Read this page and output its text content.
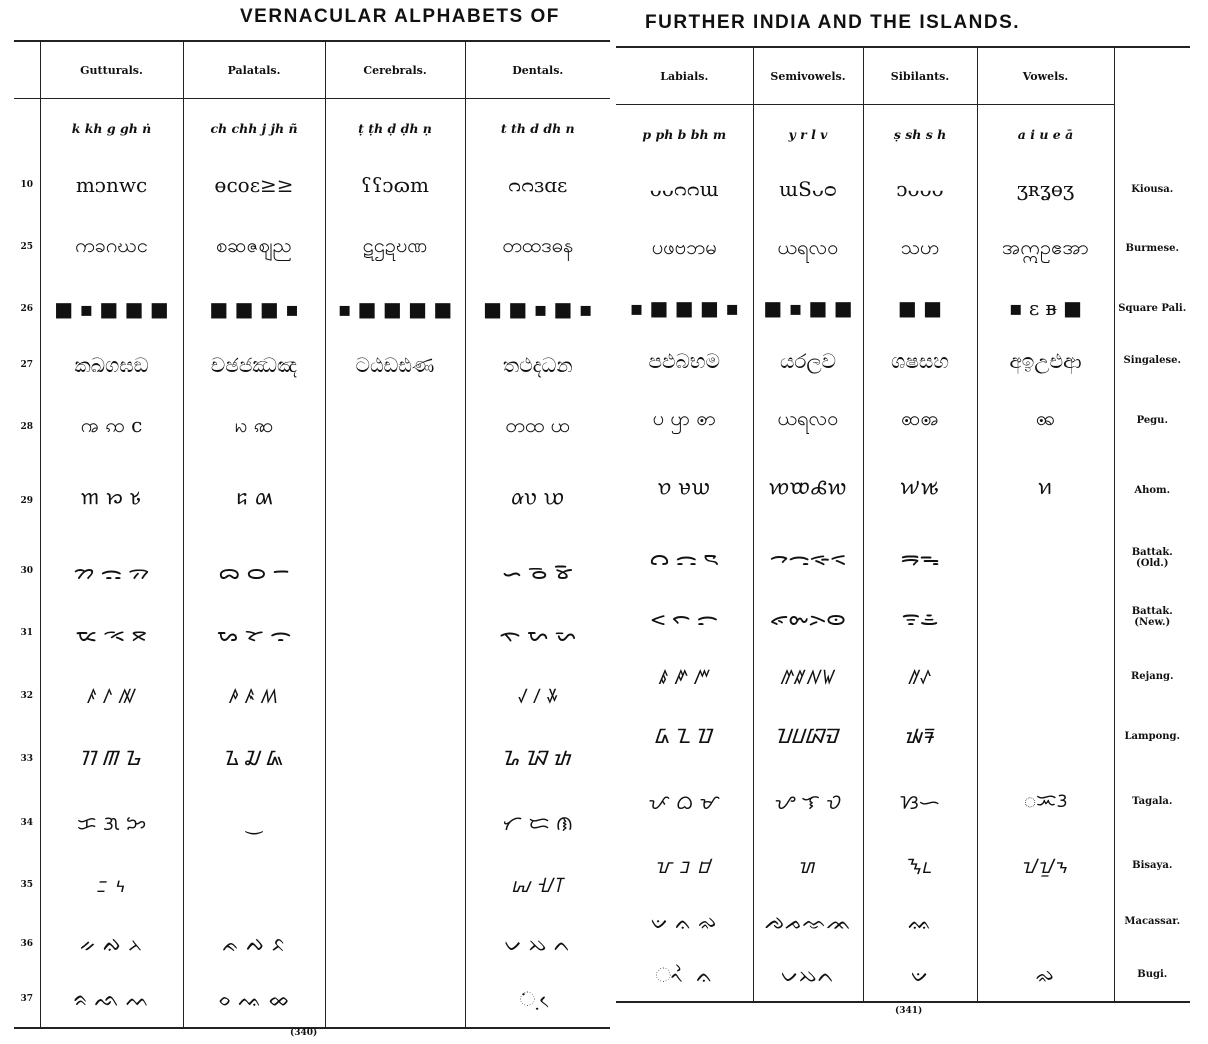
VERNACULAR ALPHABETS OF	FURTHER INDIA AND THE ISLANDS.
	Gutturals.	Palatals.	Cerebrals.	Dentals.
	k kh g gh ṅ	ch chh j jh ñ	ṭ ṭh ḍ ḍh ṇ	t th d dh n
10	mᴐnᴡϲ	ɵᴄᴏɛ≥≥	ʕʕᴐɷm	ᴒᴒɜɑɛ
25	ကခဂဃင	စဆဇဈည	ဋဌဍဎဏ	တထဒဓန
26	■ ▪ ■ ■ ■	■ ■ ■ ▪	▪ ■ ■ ■ ■	■ ■ ▪ ■ ▪
27	කඛගඝඞ	චඡජඣඤ	ටඨඩඪණ	තථදධන
28	ꩠ ꩡ c	ꩢ ꩣ		တထ ꩤ
29	𑜀 𑜁 𑜂	𑜃 𑜄		𑜅𑜆 𑜇
30	ᯂ ᯃ ᯄ	ᯅ ᯆ ᯇ		ᯈ ᯉ ᯊ
31	ᯔ ᯕ ᯖ	ᯗ ᯘ ᯙ		ᯚ ᯛ ᯜ
32	ꤰ ꤱ ꤲ	ꤳ ꤴ ꤵ		ꤶ ꤷ ꤸ
33	ᮊ ᮋ ᮌ	ᮍ ᮎ ᮏ		ᮐ ᮑ ᮒ
34	ᜃ ᜄ ᜅ	‿		ᜆ ᜇ ᜈ
35	ᝃ ᝄ			ᝆ ᝇᝈ
36	ᨀ ᨁ ᨂ	ᨃ ᨄ ᨅ		ᨆ ᨇ ᨈ
37	ᨑ ᨒ ᨓ	ᨔ ᨕ ᨖ		ᨗ ᨘ ᨙ
Labials.	Semivowels.	Sibilants.	Vowels.	
p ph b bh m	y r l v	ṣ sh s h	a i u e ā	
ᴗᴗᴒᴒɯ	ɯSᴗᴑ	ᴐᴗᴗᴗ	ʒʀʓɵʒ	Kiousa.
ပဖဗဘမ	ယရလဝ	သဟ	အဣဥဧအာ	Burmese.
▪ ■ ■ ■ ▪	■ ▪ ■ ■	■ ■	▪ ɛ ᴃ ■	Square Pali.
පඵබභම	යරලව	ශෂසහ	අඉඋඑආ	Singalese.
ပ ꩥ ꩦ	ယရလဝ	ꩧꩨ	ꩩ	Pegu.
𑜈 𑜉𑜊	𑜋𑜌𑜍𑜎	𑜏𑜐	𑜑	Ahom.
ᯋ ᯌ ᯍ	ᯎᯏᯐᯑ	ᯒᯓ		Battak. (Old.)
ᯝ ᯞ ᯟ	ᯠᯡᯢᯣ	ᯤᯥ		Battak. (New.)
ꤹ ꤺ ꤻ	ꤼꤽꤾꤿ	ꥀꥁ		Rejang.
ᮓ ᮔ ᮕ	ᮖᮗᮘᮙ	ᮚᮛ		Lampong.
ᜉ ᜊ ᜋ	ᜌ ᜎ ᜏ	ᜐᜑ	ᜀᜁᜂ	Tagala.
ᝉ ᝊ ᝋ	ᝌ	ᝐᝑ	ᝀᝁᝂ	Bisaya.
ᨉ ᨊ ᨋ	ᨌᨍᨎᨏ	ᨐ		Macassar.
ᨚ ᨛ ᨊ	ᨆᨇᨈ	ᨉ	ᨋ	Bugi.
(340)
(341)
